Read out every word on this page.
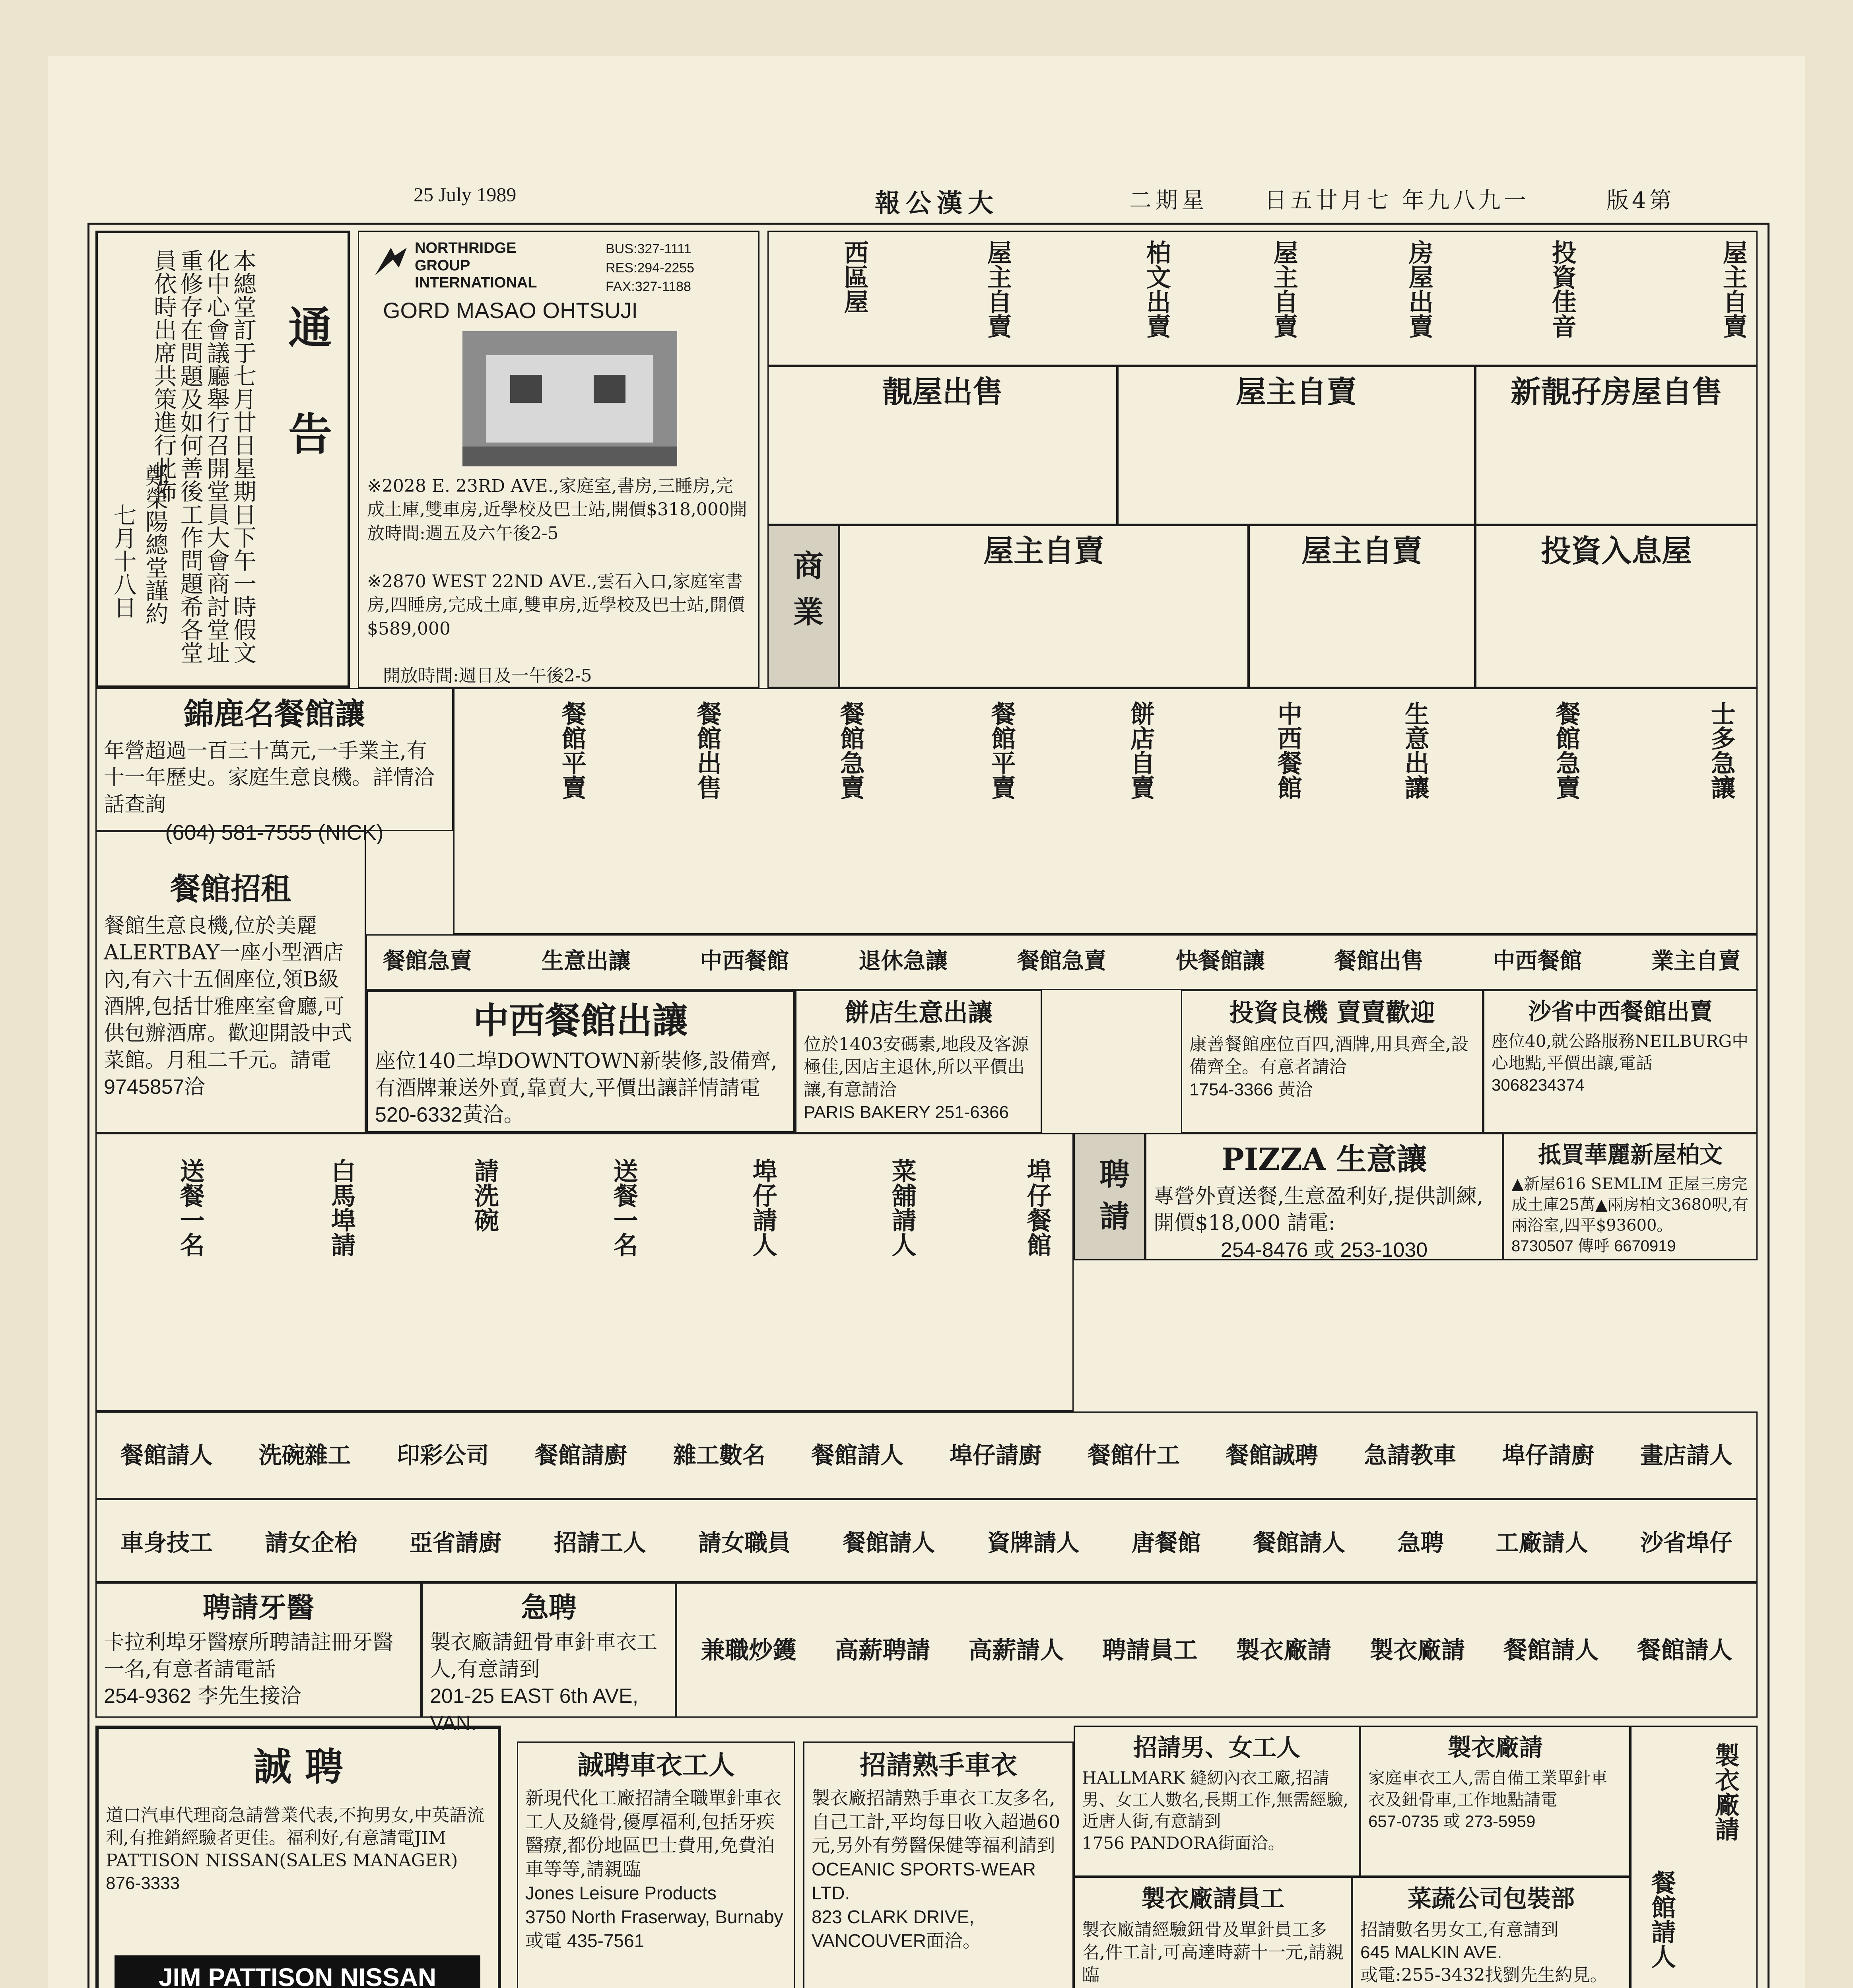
25 July 1989	報公漢大	二期星	日五廿月七 年九八九一	版4第
通 告
本總堂訂于七月廿日星期日下午一時假文化中心會議廳舉行召開堂員大會商討堂址重修存在問題及如何善後工作問題希各堂員依時出席共策進行此佈
鄭榮陽總堂謹約
七月十八日
NORTHRIDGE GROUP INTERNATIONAL
BUS:327-1111
RES:294-2255
FAX:327-1188
GORD MASAO OHTSUJI
※2028 E. 23RD AVE.,家庭室,書房,三睡房,完成土庫,雙車房,近學校及巴士站,開價$318,000開放時間:週五及六午後2-5
※2870 WEST 22ND AVE.,雲石入口,家庭室書房,四睡房,完成土庫,雙車房,近學校及巴士站,開價$589,000
開放時間:週日及一午後2-5
西區屋	屋主自賣	柏文出賣	屋主自賣	房屋出賣	投資佳音	屋主自賣
靚屋出售	屋主自賣	新靚孖房屋自售
商業	屋主自賣	屋主自賣	投資入息屋
錦鹿名餐館讓
年營超過一百三十萬元,一手業主,有十一年歷史。家庭生意良機。詳情洽話查詢
(604) 581-7555 (NICK)
餐館平賣	餐館出售	餐館急賣	餐館平賣	餅店自賣	中西餐館	生意出讓	餐館急賣	士多急讓
餐館招租
餐館生意良機,位於美麗ALERTBAY一座小型酒店內,有六十五個座位,領B級酒牌,包括廿雅座室會廳,可供包辦酒席。歡迎開設中式菜館。月租二千元。請電
9745857洽
餐館急賣	生意出讓	中西餐館	退休急讓	餐館急賣	快餐館讓	餐館出售	中西餐館	業主自賣
中西餐館出讓
座位140二埠DOWNTOWN新裝修,設備齊,有酒牌兼送外賣,靠賣大,平價出讓詳情請電
520-6332黃洽。
餅店生意出讓
位於1403安碼素,地段及客源極佳,因店主退休,所以平價出讓,有意請洽
PARIS BAKERY 251-6366
投資良機 賣賣歡迎
康善餐館座位百四,酒牌,用具齊全,設備齊全。有意者請洽
1754-3366 黃洽
沙省中西餐館出賣
座位40,就公路服務NEILBURG中心地點,平價出讓,電話
3068234374
送餐一名	白馬埠請	請洗碗	送餐一名	埠仔請人	菜舖請人	埠仔餐館 聘請	PIZZA 生意讓
專營外賣送餐,生意盈利好,提供訓練,開價$18,000 請電:
254-8476 或 253-1030
抵買華麗新屋柏文
▲新屋616 SEMLIM 正屋三房完成土庫25萬▲兩房柏文3680呎,有兩浴室,四平$93600。
8730507 傳呼 6670919
餐館請人 洗碗雜工 印彩公司 餐館請廚 雜工數名 餐館請人 埠仔請廚 餐館什工 餐館誠聘 急請教車 埠仔請廚 畫店請人
車身技工 請女企枱 亞省請廚 招請工人 請女職員 餐館請人 資牌請人 唐餐館 餐館請人 急聘 工廠請人 沙省埠仔
聘請牙醫
卡拉利埠牙醫療所聘請註冊牙醫一名,有意者請電話
254-9362 李先生接洽
急聘
製衣廠請鈕骨車針車衣工人,有意請到
201-25 EAST 6th AVE, VAN.
兼職炒鑊 高薪聘請 高薪請人 聘請員工 製衣廠請 製衣廠請 餐館請人 餐館請人
誠 聘
道口汽車代理商急請營業代表,不拘男女,中英語流利,有推銷經驗者更佳。福利好,有意請電JIM PATTISON NISSAN(SALES MANAGER)
876-3333
JIM PATTISON NISSAN
誠聘車衣工人
新現代化工廠招請全職單針車衣工人及縫骨,優厚福利,包括牙疾醫療,都份地區巴士費用,免費泊車等等,請親臨
Jones Leisure Products
3750 North Fraserway, Burnaby
或電 435-7561
招請熟手車衣
製衣廠招請熟手車衣工友多名,自己工計,平均每日收入超過60元,另外有勞醫保健等福利請到
OCEANIC SPORTS-WEAR LTD.
823 CLARK DRIVE, VANCOUVER面洽。
招請男、女工人
HALLMARK 縫紉內衣工廠,招請男、女工人數名,長期工作,無需經驗,近唐人街,有意請到
1756 PANDORA街面洽。
製衣廠請
家庭車衣工人,需自備工業單針車衣及鈕骨車,工作地點請電
657-0735 或 273-5959	製衣廠請
餐館請人
製衣廠請員工
製衣廠請經驗鈕骨及單針員工多名,件工計,可高達時薪十一元,請親臨
菜蔬公司包裝部
招請數名男女工,有意請到
645 MALKIN AVE.
或電:255-3432找劉先生約見。
